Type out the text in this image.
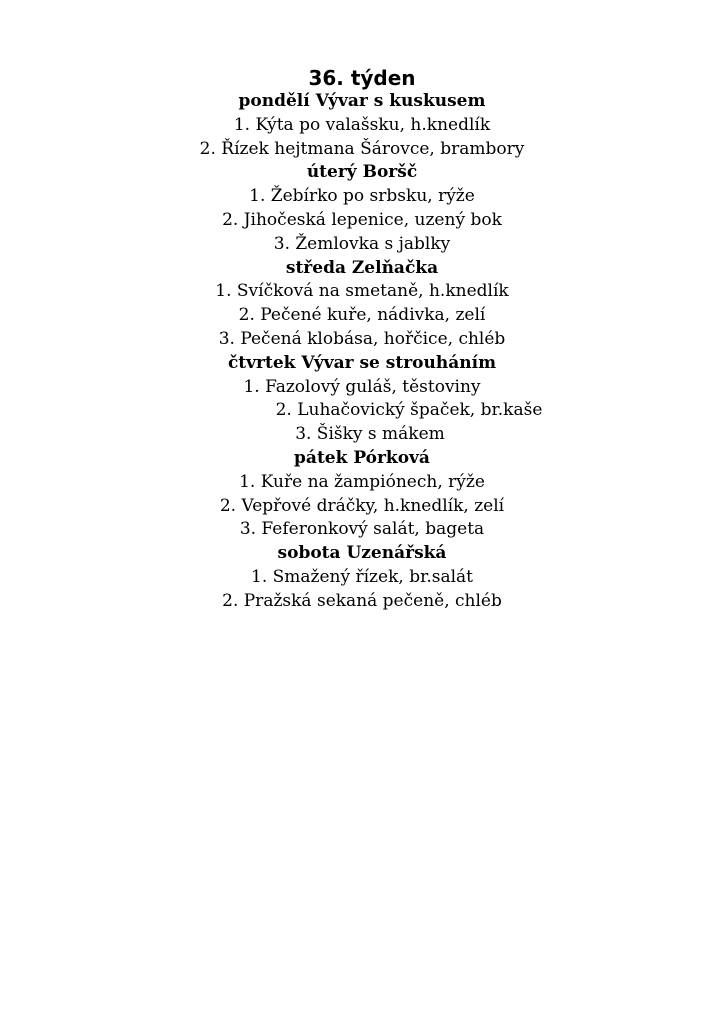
36. týden
pondělí Vývar s kuskusem
1. Kýta po valašsku, h.knedlík
2. Řízek hejtmana Šárovce, brambory
úterý Boršč
1. Žebírko po srbsku, rýže
2. Jihočeská lepenice, uzený bok
3. Žemlovka s jablky
středa Zelňačka
1. Svíčková na smetaně, h.knedlík
2. Pečené kuře, nádivka, zelí
3. Pečená klobása, hořčice, chléb
čtvrtek Vývar se strouháním
1. Fazolový guláš, těstoviny
2. Luhačovický špaček, br.kaše
3. Šišky s mákem
pátek Pórková
1. Kuře na žampiónech, rýže
2. Vepřové dráčky, h.knedlík, zelí
3. Feferonkový salát, bageta
sobota Uzenářská
1. Smažený řízek, br.salát
2. Pražská sekaná pečeně, chléb
